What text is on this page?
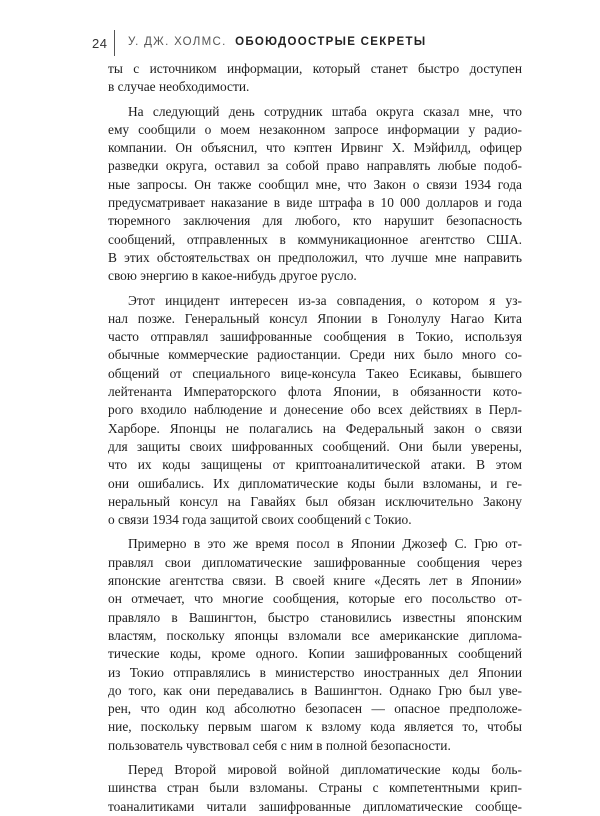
24 У. ДЖ. ХОЛМС. ОБОЮДООСТРЫЕ СЕКРЕТЫ
ты с источником информации, который станет быстро доступен
в случае необходимости.
На следующий день сотрудник штаба округа сказал мне, что
ему сообщили о моем незаконном запросе информации у радио-
компании. Он объяснил, что кэптен Ирвинг Х. Мэйфилд, офицер
разведки округа, оставил за собой право направлять любые подоб-
ные запросы. Он также сообщил мне, что Закон о связи 1934 года
предусматривает наказание в виде штрафа в 10 000 долларов и года
тюремного заключения для любого, кто нарушит безопасность
сообщений, отправленных в коммуникационное агентство США.
В этих обстоятельствах он предположил, что лучше мне направить
свою энергию в какое-нибудь другое русло.
Этот инцидент интересен из-за совпадения, о котором я уз-
нал позже. Генеральный консул Японии в Гонолулу Нагао Кита
часто отправлял зашифрованные сообщения в Токио, используя
обычные коммерческие радиостанции. Среди них было много со-
общений от специального вице-консула Такео Есикавы, бывшего
лейтенанта Императорского флота Японии, в обязанности кото-
рого входило наблюдение и донесение обо всех действиях в Перл-
Харборе. Японцы не полагались на Федеральный закон о связи
для защиты своих шифрованных сообщений. Они были уверены,
что их коды защищены от криптоаналитической атаки. В этом
они ошибались. Их дипломатические коды были взломаны, и ге-
неральный консул на Гавайях был обязан исключительно Закону
о связи 1934 года защитой своих сообщений с Токио.
Примерно в это же время посол в Японии Джозеф С. Грю от-
правлял свои дипломатические зашифрованные сообщения через
японские агентства связи. В своей книге «Десять лет в Японии»
он отмечает, что многие сообщения, которые его посольство от-
правляло в Вашингтон, быстро становились известны японским
властям, поскольку японцы взломали все американские диплома-
тические коды, кроме одного. Копии зашифрованных сообщений
из Токио отправлялись в министерство иностранных дел Японии
до того, как они передавались в Вашингтон. Однако Грю был уве-
рен, что один код абсолютно безопасен — опасное предположе-
ние, поскольку первым шагом к взлому кода является то, чтобы
пользователь чувствовал себя с ним в полной безопасности.
Перед Второй мировой войной дипломатические коды боль-
шинства стран были взломаны. Страны с компетентными крип-
тоаналитиками читали зашифрованные дипломатические сообще-
